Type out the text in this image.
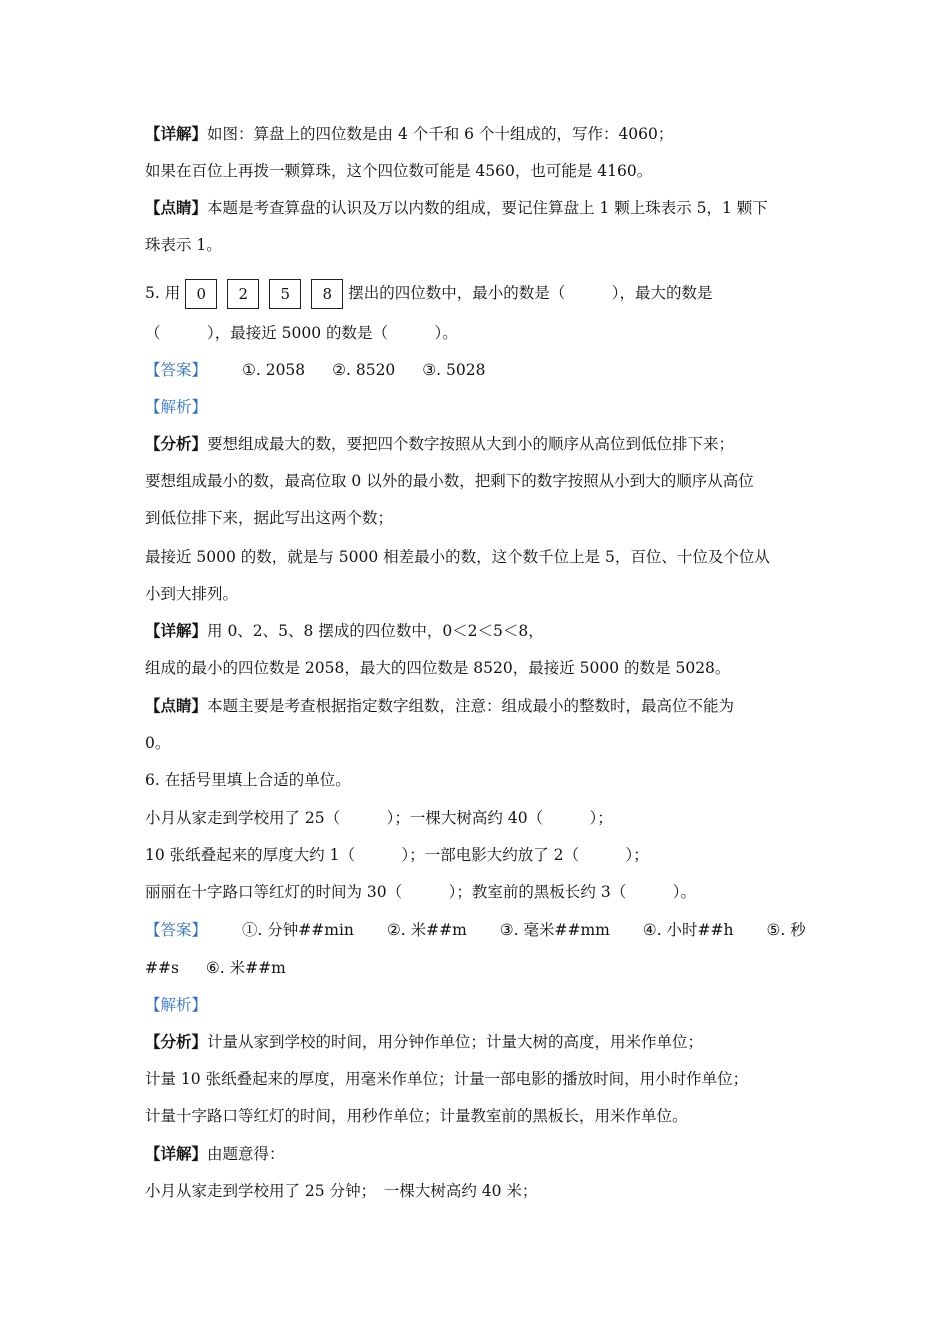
【详解】如图：算盘上的四位数是由 4 个千和 6 个十组成的，写作：4060；
如果在百位上再拨一颗算珠，这个四位数可能是 4560，也可能是 4160。
【点睛】本题是考查算盘的认识及万以内数的组成，要记住算盘上 1 颗上珠表示 5，1 颗下
珠表示 1。
5. 用 0 2 5 8 摆出的四位数中，最小的数是（　　　），最大的数是
（　　　），最接近 5000 的数是（　　　）。
【答案】 ①. 2058 ②. 8520 ③. 5028
【解析】
【分析】要想组成最大的数，要把四个数字按照从大到小的顺序从高位到低位排下来；
要想组成最小的数，最高位取 0 以外的最小数，把剩下的数字按照从小到大的顺序从高位
到低位排下来，据此写出这两个数；
最接近 5000 的数，就是与 5000 相差最小的数，这个数千位上是 5，百位、十位及个位从
小到大排列。
【详解】用 0、2、5、8 摆成的四位数中，0＜2＜5＜8，
组成的最小的四位数是 2058，最大的四位数是 8520，最接近 5000 的数是 5028。
【点睛】本题主要是考查根据指定数字组数，注意：组成最小的整数时，最高位不能为
0。
6. 在括号里填上合适的单位。
小月从家走到学校用了 25（　　　）；一棵大树高约 40（　　　）；
10 张纸叠起来的厚度大约 1（　　　）；一部电影大约放了 2（　　　）；
丽丽在十字路口等红灯的时间为 30（　　　）；教室前的黑板长约 3（　　　）。
【答案】 ①. 分钟##min ②. 米##m ③. 毫米##mm ④. 小时##h ⑤. 秒
##s ⑥. 米##m
【解析】
【分析】计量从家到学校的时间，用分钟作单位；计量大树的高度，用米作单位；
计量 10 张纸叠起来的厚度，用毫米作单位；计量一部电影的播放时间，用小时作单位；
计量十字路口等红灯的时间，用秒作单位；计量教室前的黑板长，用米作单位。
【详解】由题意得：
小月从家走到学校用了 25 分钟；　一棵大树高约 40 米；
